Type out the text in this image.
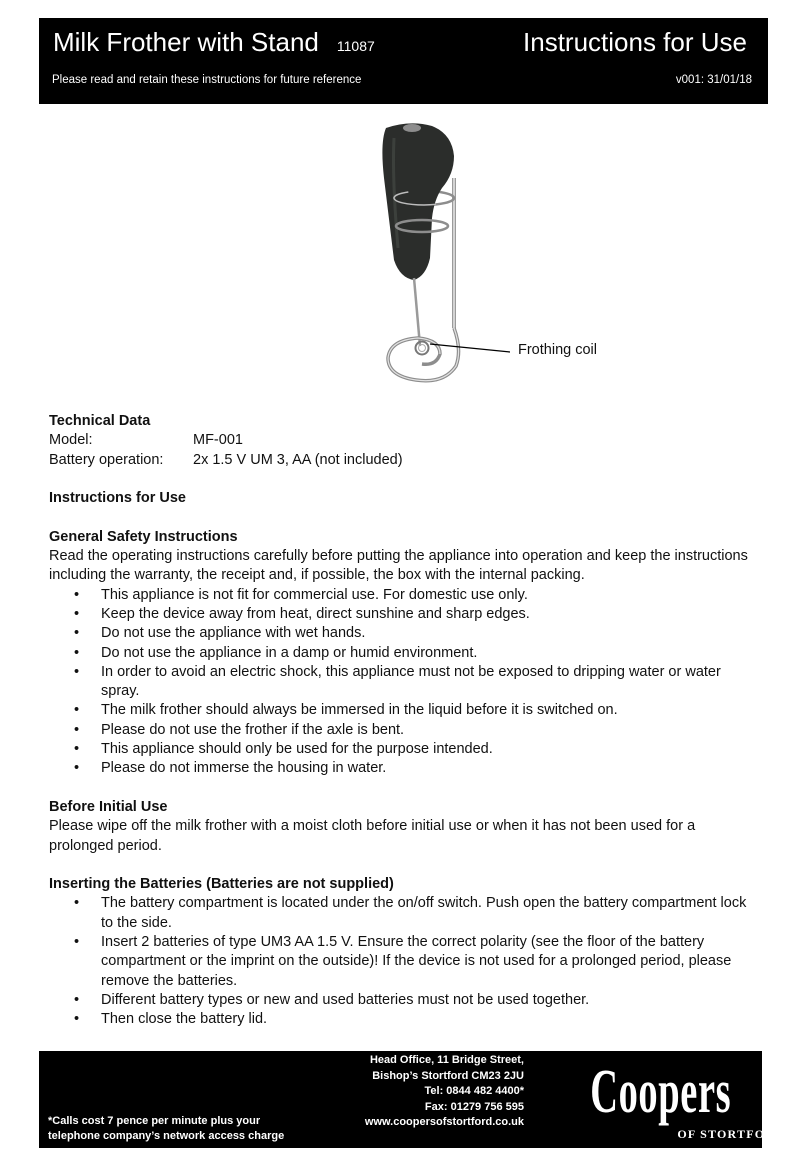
Milk Frother with Stand 11087	Instructions for Use
Please read and retain these instructions for future reference	v001: 31/01/18
Frothing coil
Technical Data
Model:	MF-001
Battery operation:	2x 1.5 V UM 3, AA (not included)
Instructions for Use
General Safety Instructions

Read the operating instructions carefully before putting the appliance into operation and keep the instructions including the warranty, the receipt and, if possible, the box with the internal packing.

• This appliance is not fit for commercial use. For domestic use only.
• Keep the device away from heat, direct sunshine and sharp edges.
• Do not use the appliance with wet hands.
• Do not use the appliance in a damp or humid environment.
• In order to avoid an electric shock, this appliance must not be exposed to dripping water or water spray.
• The milk frother should always be immersed in the liquid before it is switched on.
• Please do not use the frother if the axle is bent.
• This appliance should only be used for the purpose intended.
• Please do not immerse the housing in water.
Before Initial Use

Please wipe off the milk frother with a moist cloth before initial use or when it has not been used for a prolonged period.

Inserting the Batteries (Batteries are not supplied)
• The battery compartment is located under the on/off switch. Push open the battery compartment lock to the side.
• Insert 2 batteries of type UM3 AA 1.5 V. Ensure the correct polarity (see the floor of the battery compartment or the imprint on the outside)! If the device is not used for a prolonged period, please remove the batteries.
• Different battery types or new and used batteries must not be used together.
• Then close the battery lid.
Head Office, 11 Bridge Street,
Bishop’s Stortford CM23 2JU
Tel: 0844 482 4400*
Fax: 01279 756 595
www.coopersofstortford.co.uk
*Calls cost 7 pence per minute plus your
telephone company’s network access charge
Coopers
OF STORTFORD
